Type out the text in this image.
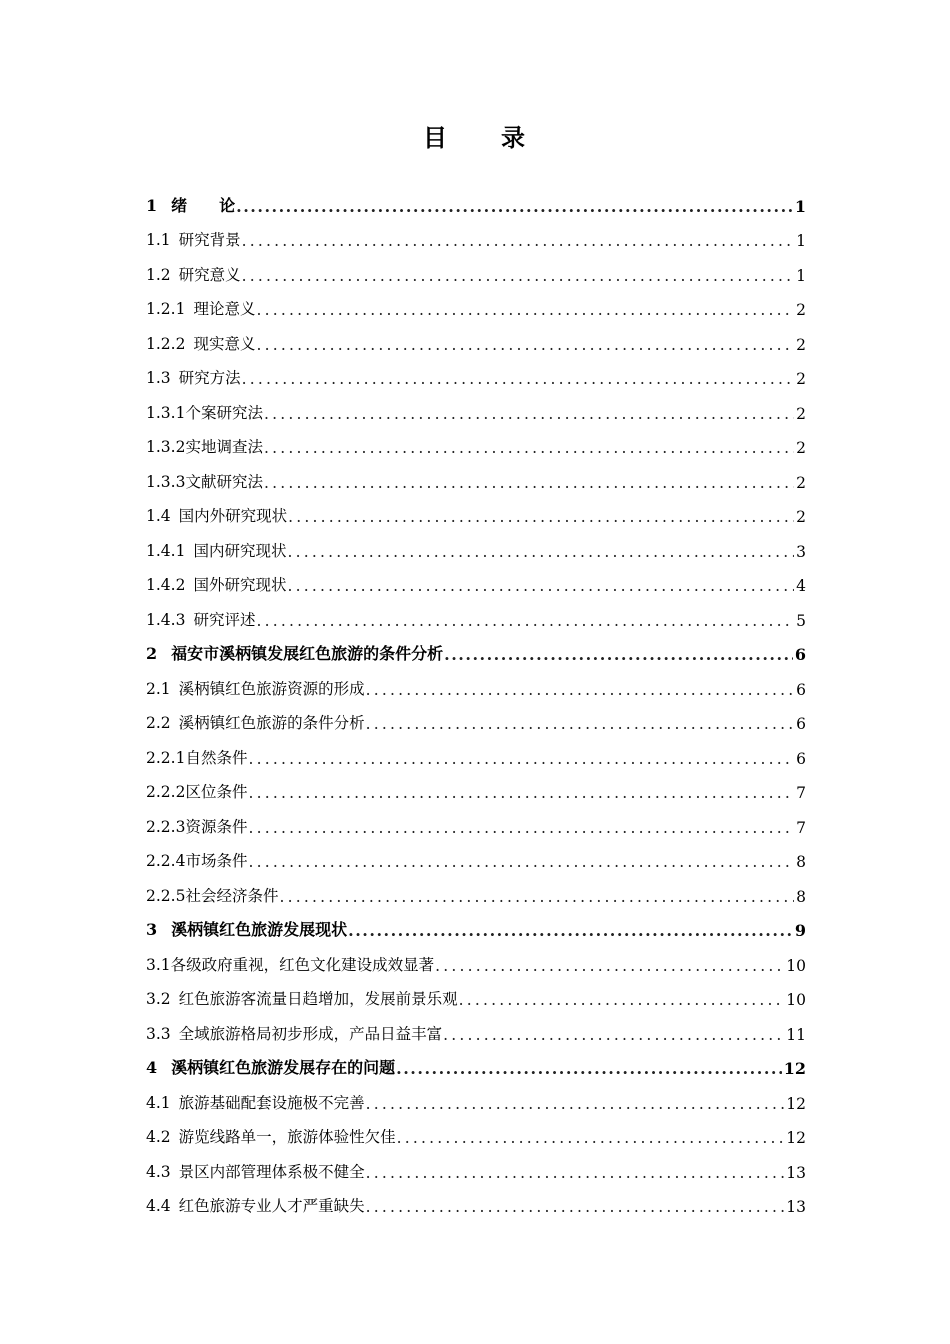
目　　录
1 绪　　论 .....	1
1.1 研究背景 .....	1
1.2 研究意义 .....	1
1.2.1 理论意义 .....	2
1.2.2 现实意义 .....	2
1.3 研究方法 .....	2
1.3.1个案研究法 .....	2
1.3.2实地调查法 .....	2
1.3.3文献研究法 .....	2
1.4 国内外研究现状 .....	2
1.4.1 国内研究现状 .....	3
1.4.2 国外研究现状 .....	4
1.4.3 研究评述 .....	5
2 福安市溪柄镇发展红色旅游的条件分析 .....	6
2.1 溪柄镇红色旅游资源的形成 .....	6
2.2 溪柄镇红色旅游的条件分析 .....	6
2.2.1自然条件 .....	6
2.2.2区位条件 .....	7
2.2.3资源条件 .....	7
2.2.4市场条件 .....	8
2.2.5社会经济条件 .....	8
3 溪柄镇红色旅游发展现状 .....	9
3.1各级政府重视，红色文化建设成效显著 .....	10
3.2 红色旅游客流量日趋增加，发展前景乐观 .....	10
3.3 全域旅游格局初步形成，产品日益丰富 .....	11
4 溪柄镇红色旅游发展存在的问题 .....	12
4.1 旅游基础配套设施极不完善 .....	12
4.2 游览线路单一，旅游体验性欠佳 .....	12
4.3 景区内部管理体系极不健全 .....	13
4.4 红色旅游专业人才严重缺失 .....	13
